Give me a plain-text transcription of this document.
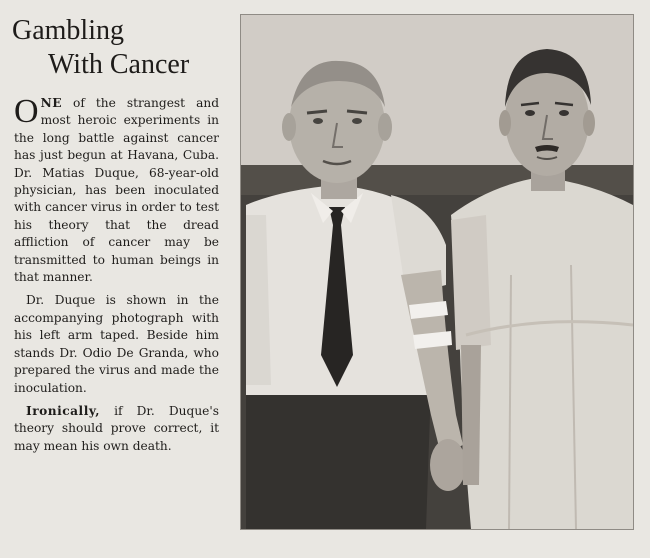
Gambling
With Cancer

ONE of the strangest and most heroic experiments in the long battle against cancer has just begun at Havana, Cuba. Dr. Matias Duque, 68-year-old physician, has been inoculated with cancer virus in order to test his theory that the dread affliction of cancer may be transmitted to human beings in that manner.

Dr. Duque is shown in the accompanying photograph with his left arm taped. Beside him stands Dr. Odio De Granda, who prepared the virus and made the inoculation.

Ironically, if Dr. Duque's theory should prove correct, it may mean his own death.
